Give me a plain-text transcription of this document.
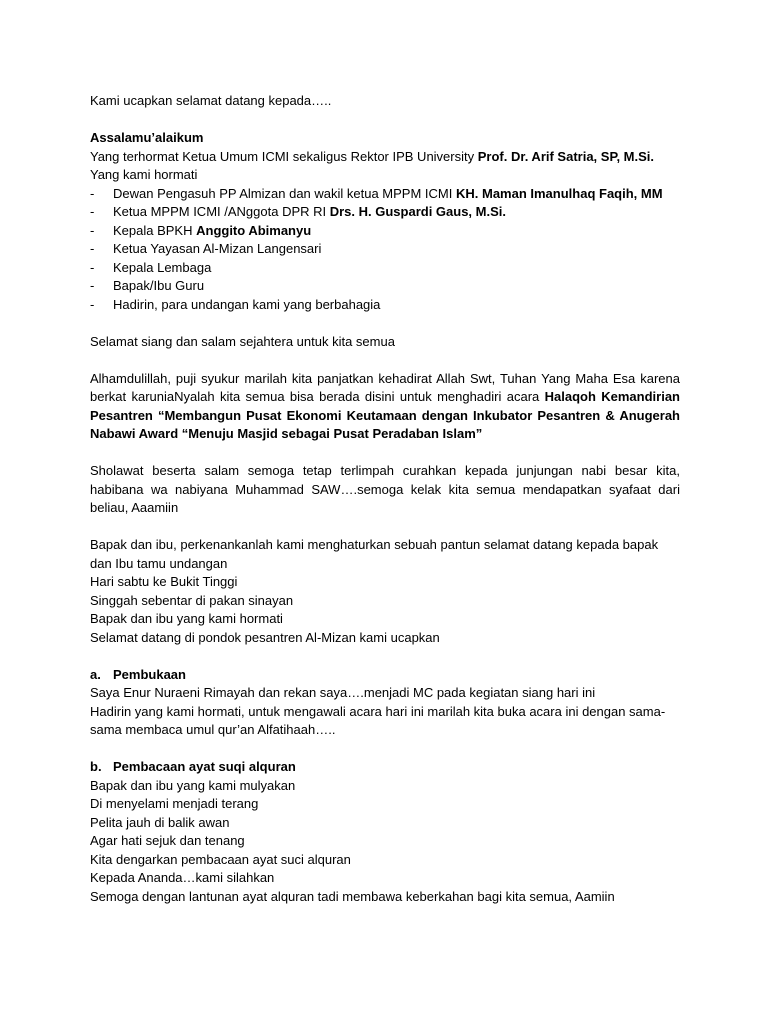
Kami ucapkan selamat datang kepada…..

Assalamu’alaikum

Yang terhormat Ketua Umum ICMI sekaligus Rektor IPB University Prof. Dr. Arif Satria, SP, M.Si.

Yang kami hormati

- Dewan Pengasuh PP Almizan dan wakil ketua MPPM ICMI KH. Maman Imanulhaq Faqih, MM
- Ketua MPPM ICMI /ANggota DPR RI Drs. H. Guspardi Gaus, M.Si.
- Kepala BPKH Anggito Abimanyu
- Ketua Yayasan Al-Mizan Langensari
- Kepala Lembaga
- Bapak/Ibu Guru
- Hadirin, para undangan kami yang berbahagia

Selamat siang dan salam sejahtera untuk kita semua

Alhamdulillah, puji syukur marilah kita panjatkan kehadirat Allah Swt, Tuhan Yang Maha Esa karena berkat karuniaNyalah kita semua bisa berada disini untuk menghadiri acara Halaqoh Kemandirian Pesantren “Membangun Pusat Ekonomi Keutamaan dengan Inkubator Pesantren & Anugerah Nabawi Award “Menuju Masjid sebagai Pusat Peradaban Islam”

Sholawat beserta salam semoga tetap terlimpah curahkan kepada junjungan nabi besar kita, habibana wa nabiyana Muhammad SAW….semoga kelak kita semua mendapatkan syafaat dari beliau, Aaamiin

Bapak dan ibu, perkenankanlah kami menghaturkan sebuah pantun selamat datang kepada bapak dan Ibu tamu undangan

Hari sabtu ke Bukit Tinggi

Singgah sebentar di pakan sinayan

Bapak dan ibu yang kami hormati

Selamat datang di pondok pesantren Al-Mizan kami ucapkan

a. Pembukaan

Saya Enur Nuraeni Rimayah dan rekan saya….menjadi MC pada kegiatan siang hari ini

Hadirin yang kami hormati, untuk mengawali acara hari ini marilah kita buka acara ini dengan sama-

sama membaca umul qur’an Alfatihaah…..

b. Pembacaan ayat suqi alquran

Bapak dan ibu yang kami mulyakan

Di menyelami menjadi terang

Pelita jauh di balik awan

Agar hati sejuk dan tenang

Kita dengarkan pembacaan ayat suci alquran

Kepada Ananda…kami silahkan

Semoga dengan lantunan ayat alquran tadi membawa keberkahan bagi kita semua, Aamiin
